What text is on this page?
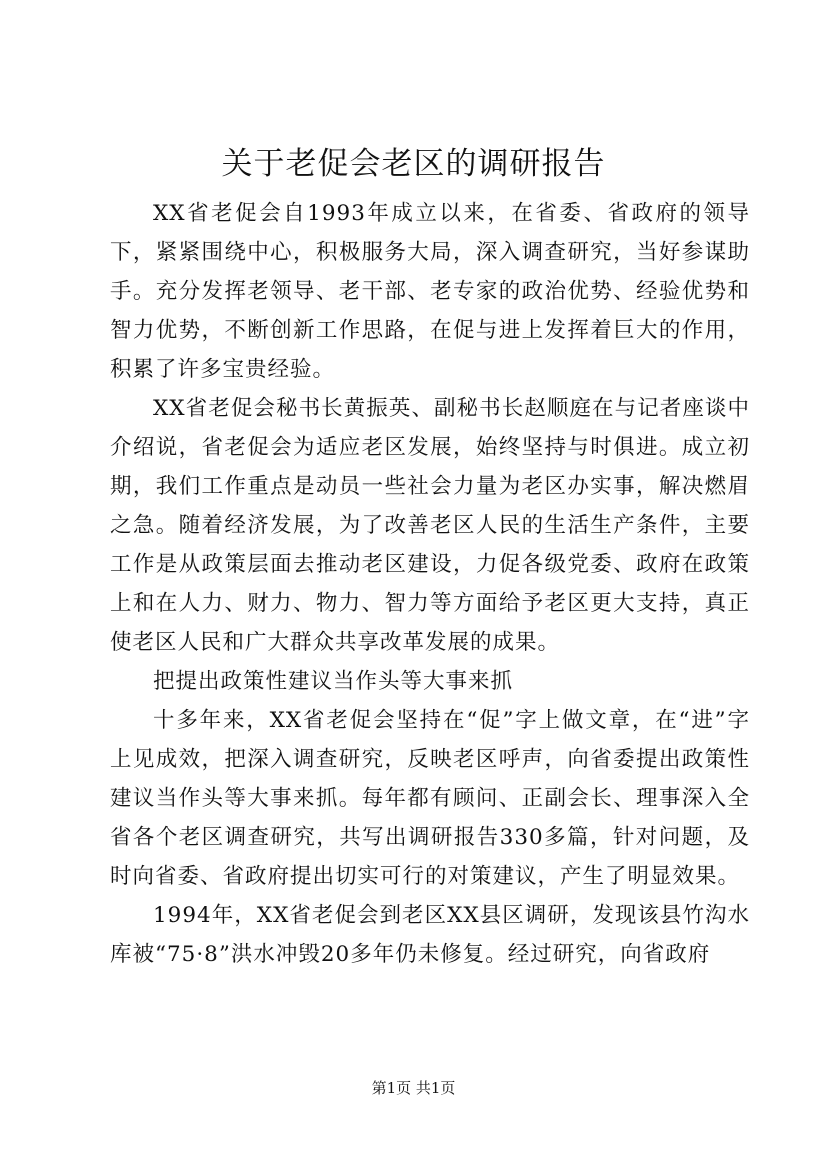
关于老促会老区的调研报告

XX省老促会自1993年成立以来，在省委、省政府的领导下，紧紧围绕中心，积极服务大局，深入调查研究，当好参谋助手。充分发挥老领导、老干部、老专家的政治优势、经验优势和智力优势，不断创新工作思路，在促与进上发挥着巨大的作用，积累了许多宝贵经验。

XX省老促会秘书长黄振英、副秘书长赵顺庭在与记者座谈中介绍说，省老促会为适应老区发展，始终坚持与时俱进。成立初期，我们工作重点是动员一些社会力量为老区办实事，解决燃眉之急。随着经济发展，为了改善老区人民的生活生产条件，主要工作是从政策层面去推动老区建设，力促各级党委、政府在政策上和在人力、财力、物力、智力等方面给予老区更大支持，真正使老区人民和广大群众共享改革发展的成果。

把提出政策性建议当作头等大事来抓

十多年来，XX省老促会坚持在“促”字上做文章，在“进”字上见成效，把深入调查研究，反映老区呼声，向省委提出政策性建议当作头等大事来抓。每年都有顾问、正副会长、理事深入全省各个老区调查研究，共写出调研报告330多篇，针对问题，及时向省委、省政府提出切实可行的对策建议，产生了明显效果。

1994年，XX省老促会到老区XX县区调研，发现该县竹沟水库被“75·8”洪水冲毁20多年仍未修复。经过研究，向省政府

第1页 共1页
